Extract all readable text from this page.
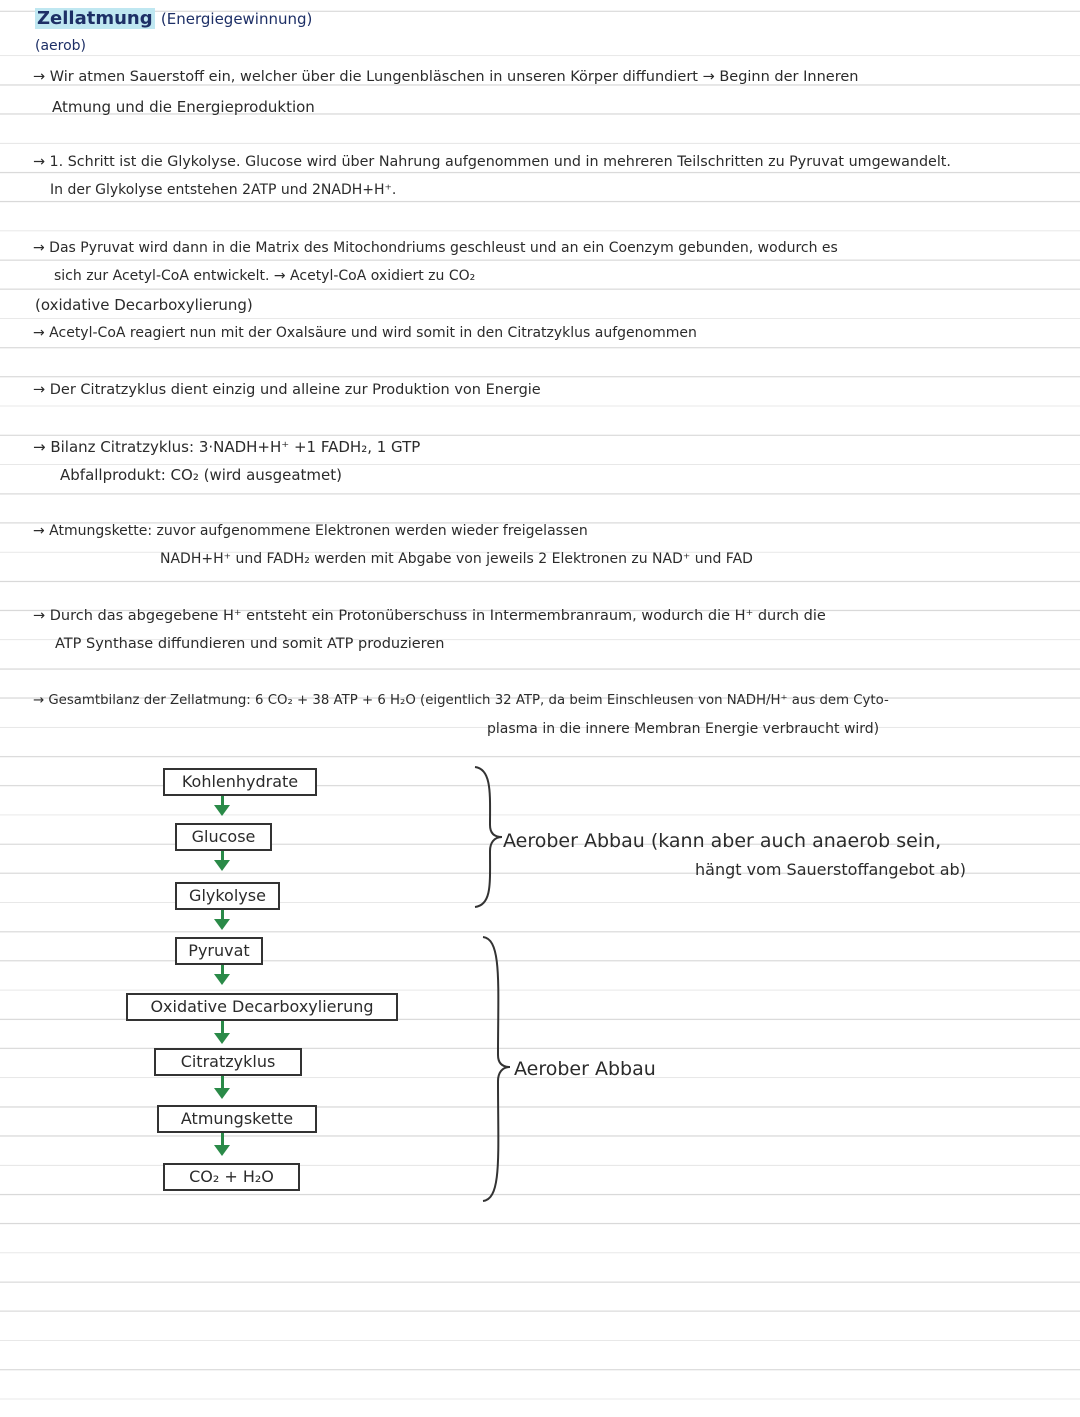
Zellatmung (Energiegewinnung)
(aerob)
→ Wir atmen Sauerstoff ein, welcher über die Lungenbläschen in unseren Körper diffundiert → Beginn der Inneren
Atmung und die Energieproduktion
→ 1. Schritt ist die Glykolyse. Glucose wird über Nahrung aufgenommen und in mehreren Teilschritten zu Pyruvat umgewandelt.
In der Glykolyse entstehen 2ATP und 2NADH+H⁺.
→ Das Pyruvat wird dann in die Matrix des Mitochondriums geschleust und an ein Coenzym gebunden, wodurch es
sich zur Acetyl-CoA entwickelt. → Acetyl-CoA oxidiert zu CO₂
(oxidative Decarboxylierung)
→ Acetyl-CoA reagiert nun mit der Oxalsäure und wird somit in den Citratzyklus aufgenommen
→ Der Citratzyklus dient einzig und alleine zur Produktion von Energie
→ Bilanz Citratzyklus: 3·NADH+H⁺ +1 FADH₂, 1 GTP
Abfallprodukt: CO₂ (wird ausgeatmet)
→ Atmungskette: zuvor aufgenommene Elektronen werden wieder freigelassen
NADH+H⁺ und FADH₂ werden mit Abgabe von jeweils 2 Elektronen zu NAD⁺ und FAD
→ Durch das abgegebene H⁺ entsteht ein Protonüberschuss in Intermembranraum, wodurch die H⁺ durch die
ATP Synthase diffundieren und somit ATP produzieren
→ Gesamtbilanz der Zellatmung: 6 CO₂ + 38 ATP + 6 H₂O (eigentlich 32 ATP, da beim Einschleusen von NADH/H⁺ aus dem Cyto-
plasma in die innere Membran Energie verbraucht wird)
Kohlenhydrate
Glucose
Glykolyse
Pyruvat
Oxidative Decarboxylierung
Citratzyklus
Atmungskette
CO₂ + H₂O
Aerober Abbau (kann aber auch anaerob sein,
hängt vom Sauerstoffangebot ab)
Aerober Abbau
